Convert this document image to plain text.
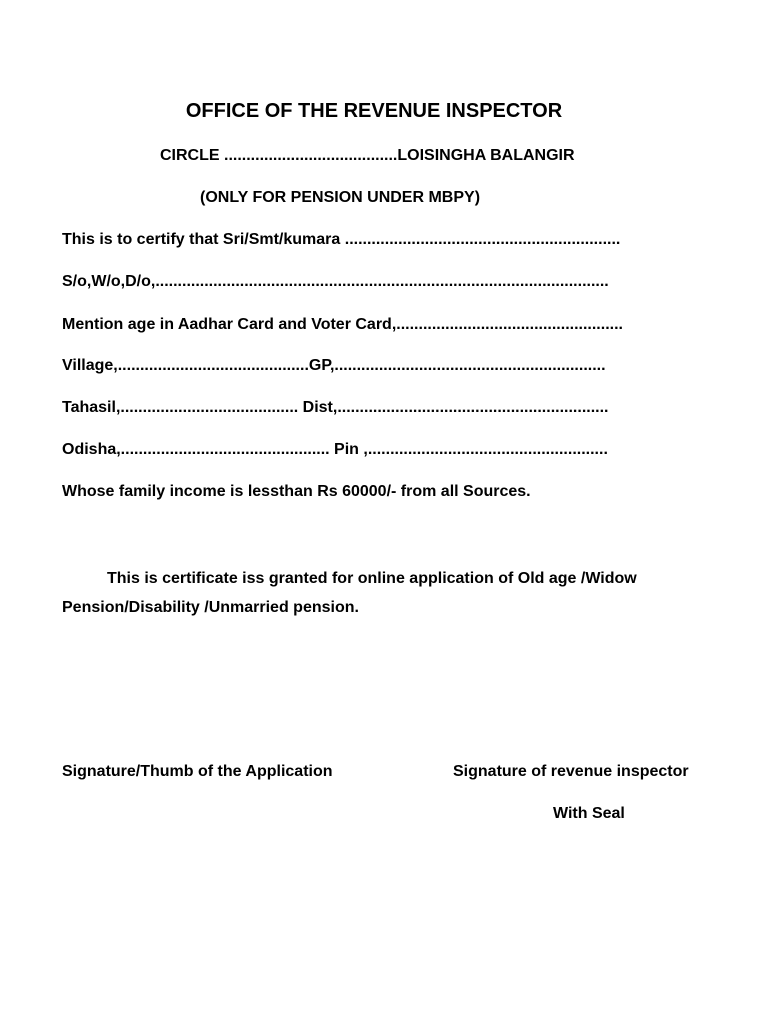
OFFICE OF THE REVENUE INSPECTOR
CIRCLE .......................................LOISINGHA BALANGIR
(ONLY FOR PENSION UNDER MBPY)
This is to certify that Sri/Smt/kumara ..............................................................
S/o,W/o,D/o,......................................................................................................
Mention age in Aadhar Card and Voter Card,...................................................
Village,...........................................GP,.............................................................
Tahasil,........................................ Dist,.............................................................
Odisha,............................................... Pin ,......................................................
Whose family income is lessthan Rs 60000/- from all Sources.
This is certificate iss granted for online application of Old age /Widow Pension/Disability /Unmarried pension.
Signature/Thumb of the Application	Signature of revenue inspector
With Seal
